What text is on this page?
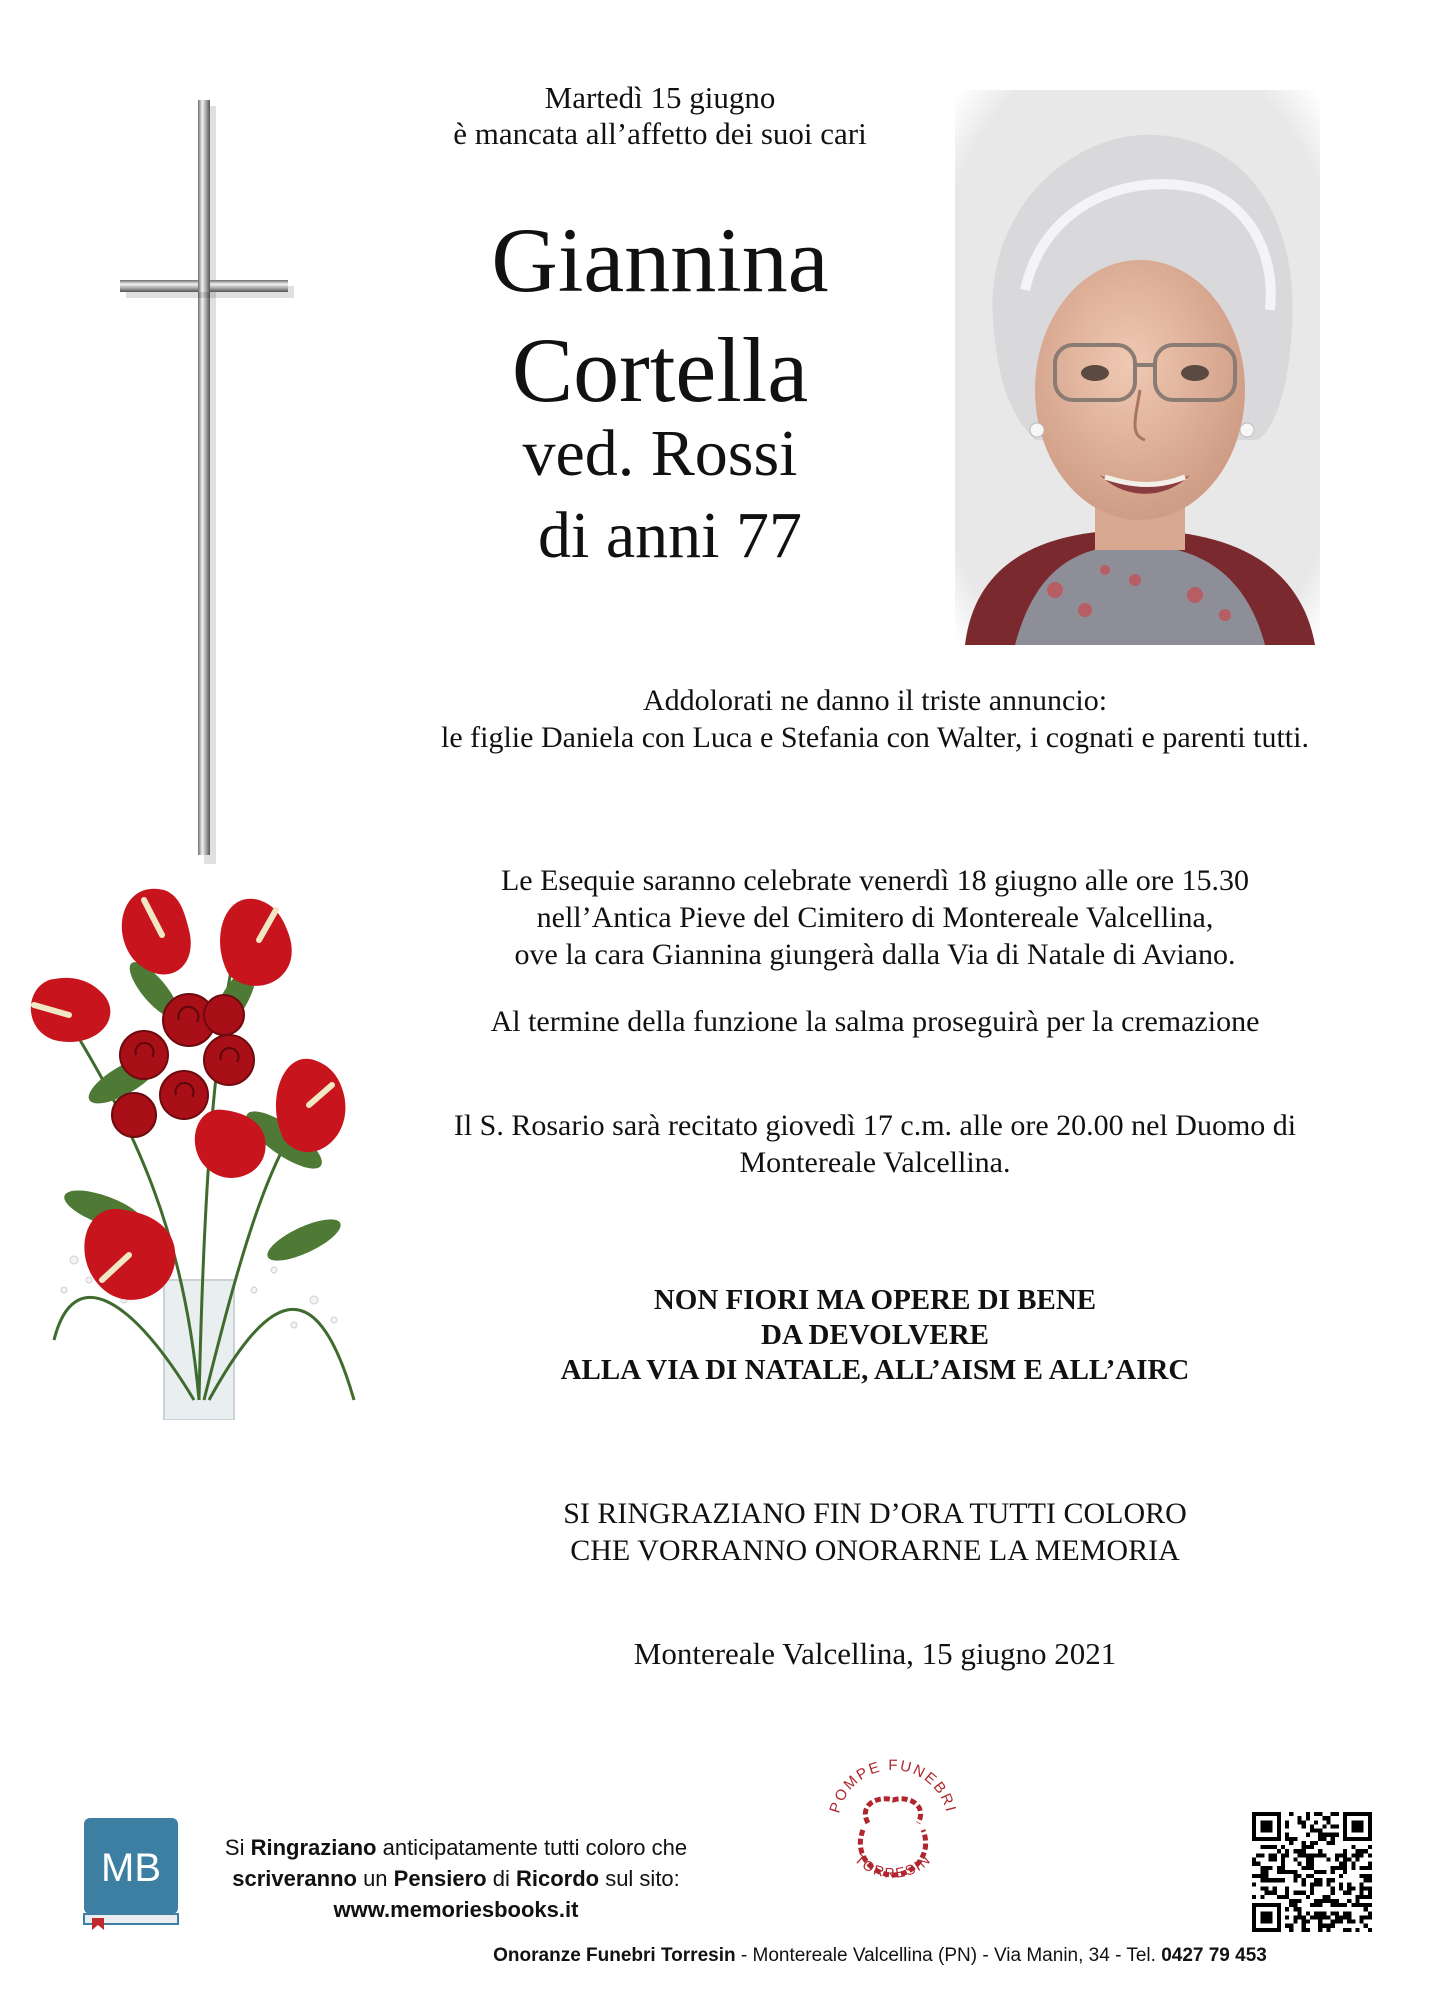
Martedì 15 giugno
è mancata all’affetto dei suoi cari
Giannina
Cortella
ved. Rossi
di anni 77
Addolorati ne danno il triste annuncio:
le figlie Daniela con Luca e Stefania con Walter, i cognati e parenti tutti.
Le Esequie saranno celebrate venerdì 18 giugno alle ore 15.30
nell’Antica Pieve del Cimitero di Montereale Valcellina,
ove la cara Giannina giungerà dalla Via di Natale di Aviano.
Al termine della funzione la salma proseguirà per la cremazione
Il S. Rosario sarà recitato giovedì 17 c.m. alle ore 20.00 nel Duomo di
Montereale Valcellina.
NON FIORI MA OPERE DI BENE
DA DEVOLVERE
ALLA VIA DI NATALE, ALL’AISM E ALL’AIRC
SI RINGRAZIANO FIN D’ORA TUTTI COLORO
CHE VORRANNO ONORARNE LA MEMORIA
Montereale Valcellina, 15 giugno 2021
MB	Si Ringraziano anticipatamente tutti coloro che
scriveranno un Pensiero di Ricordo sul sito:
www.memoriesbooks.it
POMPE FUNEBRI
TORRESIN
Onoranze Funebri Torresin - Montereale Valcellina (PN) - Via Manin, 34 - Tel. 0427 79 453
